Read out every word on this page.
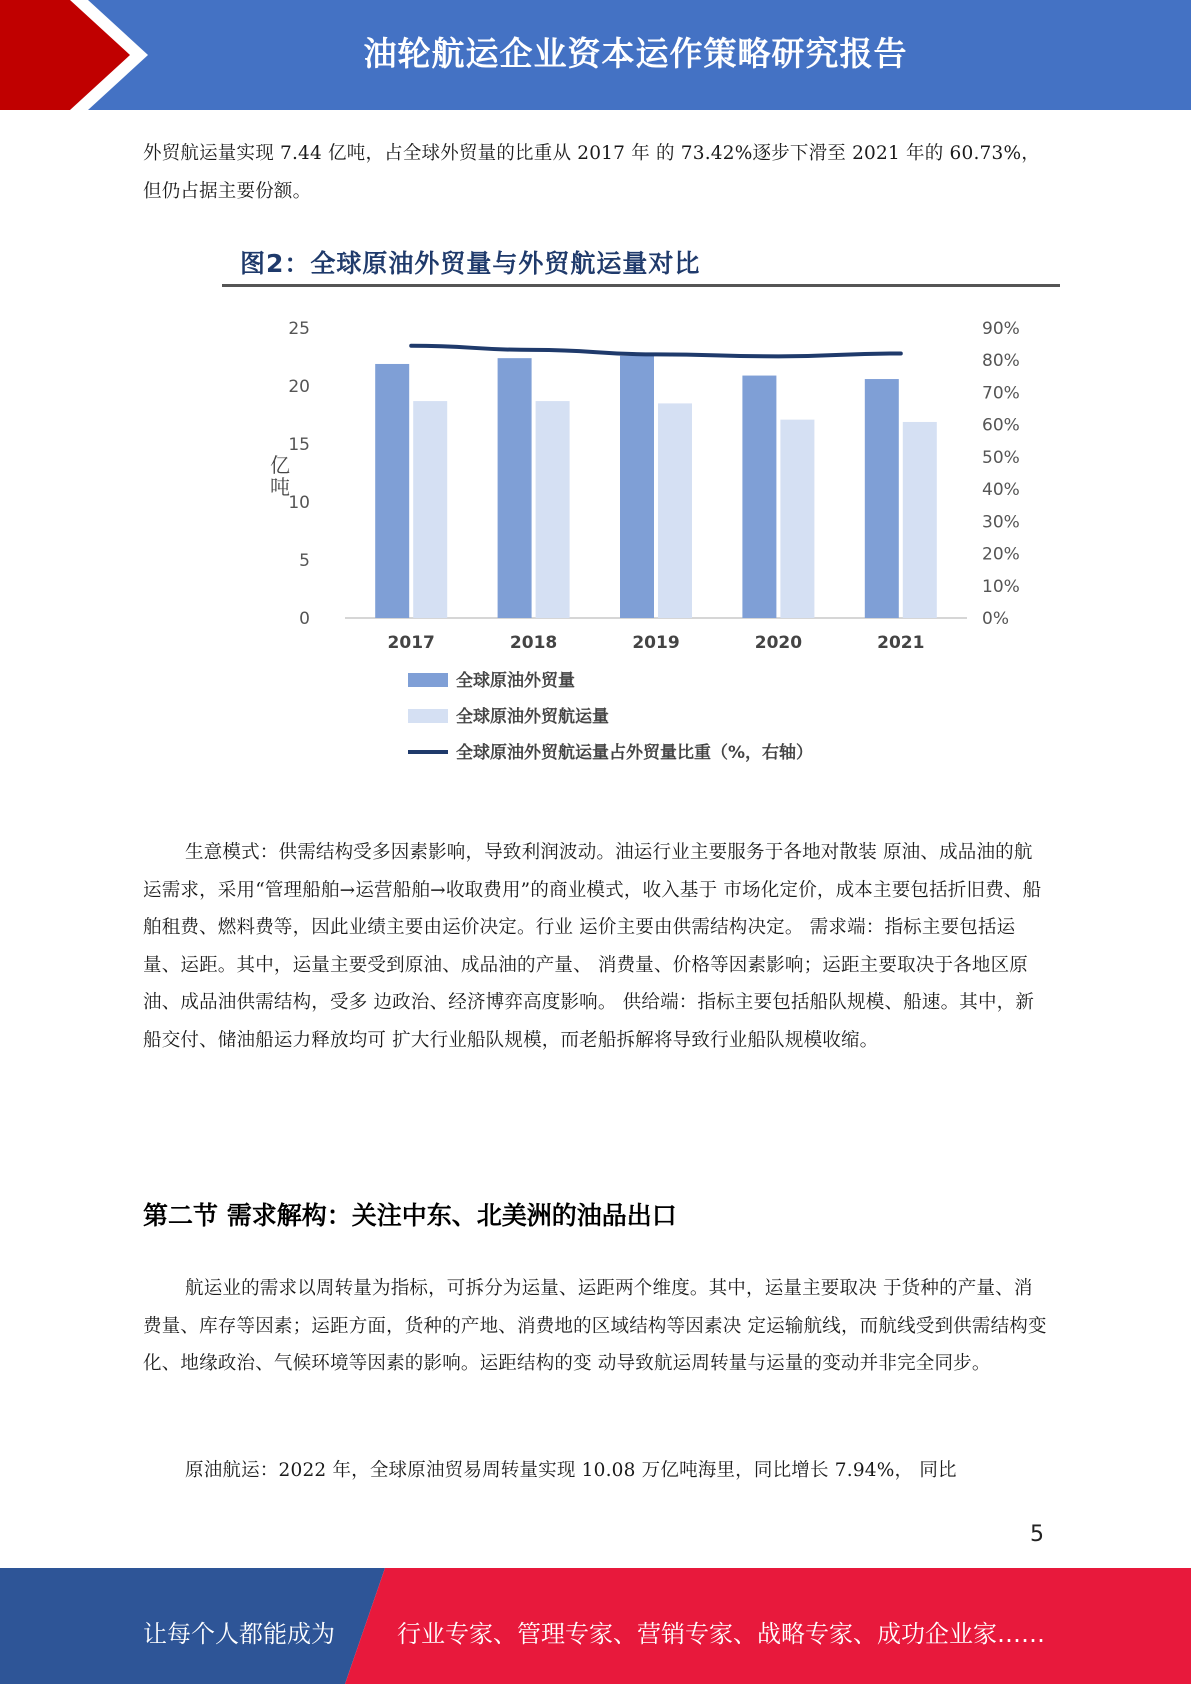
油轮航运企业资本运作策略研究报告

外贸航运量实现 7.44 亿吨，占全球外贸量的比重从 2017 年 的 73.42%逐步下滑至 2021 年的 60.73%，但仍占据主要份额。

0
5
10
15
20
25
0%
10%
20%
30%
40%
50%
60%
70%
80%
90%
亿
吨
2017	2018	2019	2020	2021
全球原油外贸量
全球原油外贸航运量
全球原油外贸航运量占外贸量比重（%，右轴）

图2：全球原油外贸量与外贸航运量对比

生意模式：供需结构受多因素影响，导致利润波动。油运行业主要服务于各地对散装 原油、成品油的航运需求，采用“管理船舶→运营船舶→收取费用”的商业模式，收入基于 市场化定价，成本主要包括折旧费、船舶租费、燃料费等，因此业绩主要由运价决定。行业 运价主要由供需结构决定。 需求端：指标主要包括运量、运距。其中，运量主要受到原油、成品油的产量、 消费量、价格等因素影响；运距主要取决于各地区原油、成品油供需结构，受多 边政治、经济博弈高度影响。 供给端：指标主要包括船队规模、船速。其中，新船交付、储油船运力释放均可 扩大行业船队规模，而老船拆解将导致行业船队规模收缩。

第二节 需求解构：关注中东、北美洲的油品出口

航运业的需求以周转量为指标，可拆分为运量、运距两个维度。其中，运量主要取决 于货种的产量、消费量、库存等因素；运距方面，货种的产地、消费地的区域结构等因素决 定运输航线，而航线受到供需结构变化、地缘政治、气候环境等因素的影响。运距结构的变 动导致航运周转量与运量的变动并非完全同步。

原油航运：2022 年，全球原油贸易周转量实现 10.08 万亿吨海里，同比增长 7.94%， 同比

5
让每个人都能成为	行业专家、管理专家、营销专家、战略专家、成功企业家……
